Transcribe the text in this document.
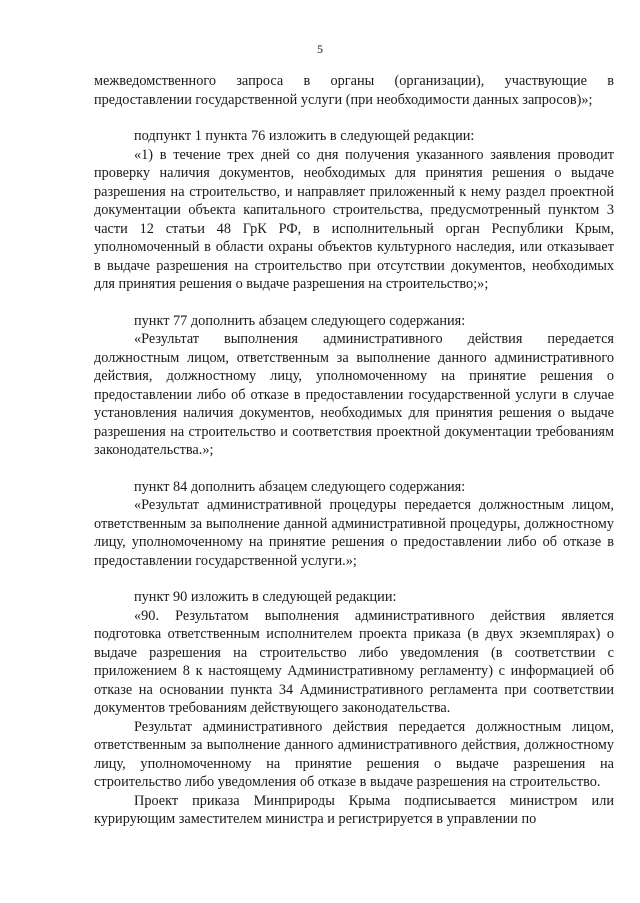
5

межведомственного запроса в органы (организации), участвующие в предоставлении государственной услуги (при необходимости данных запросов)»;

подпункт 1 пункта 76 изложить в следующей редакции:

«1) в течение трех дней со дня получения указанного заявления проводит проверку наличия документов, необходимых для принятия решения о выдаче разрешения на строительство, и направляет приложенный к нему раздел проектной документации объекта капитального строительства, предусмотренный пунктом 3 части 12 статьи 48 ГрК РФ, в исполнительный орган Республики Крым, уполномоченный в области охраны объектов культурного наследия, или отказывает в выдаче разрешения на строительство при отсутствии документов, необходимых для принятия решения о выдаче разрешения на строительство;»;

пункт 77 дополнить абзацем следующего содержания:

«Результат выполнения административного действия передается должностным лицом, ответственным за выполнение данного административного действия, должностному лицу, уполномоченному на принятие решения о предоставлении либо об отказе в предоставлении государственной услуги в случае установления наличия документов, необходимых для принятия решения о выдаче разрешения на строительство и соответствия проектной документации требованиям законодательства.»;

пункт 84 дополнить абзацем следующего содержания:

«Результат административной процедуры передается должностным лицом, ответственным за выполнение данной административной процедуры, должностному лицу, уполномоченному на принятие решения о предоставлении либо об отказе в предоставлении государственной услуги.»;

пункт 90 изложить в следующей редакции:

«90. Результатом выполнения административного действия является подготовка ответственным исполнителем проекта приказа (в двух экземплярах) о выдаче разрешения на строительство либо уведомления (в соответствии с приложением 8 к настоящему Административному регламенту) с информацией об отказе на основании пункта 34 Административного регламента при соответствии документов требованиям действующего законодательства.

Результат административного действия передается должностным лицом, ответственным за выполнение данного административного действия, должностному лицу, уполномоченному на принятие решения о выдаче разрешения на строительство либо уведомления об отказе в выдаче разрешения на строительство.

Проект приказа Минприроды Крыма подписывается министром или курирующим заместителем министра и регистрируется в управлении по
